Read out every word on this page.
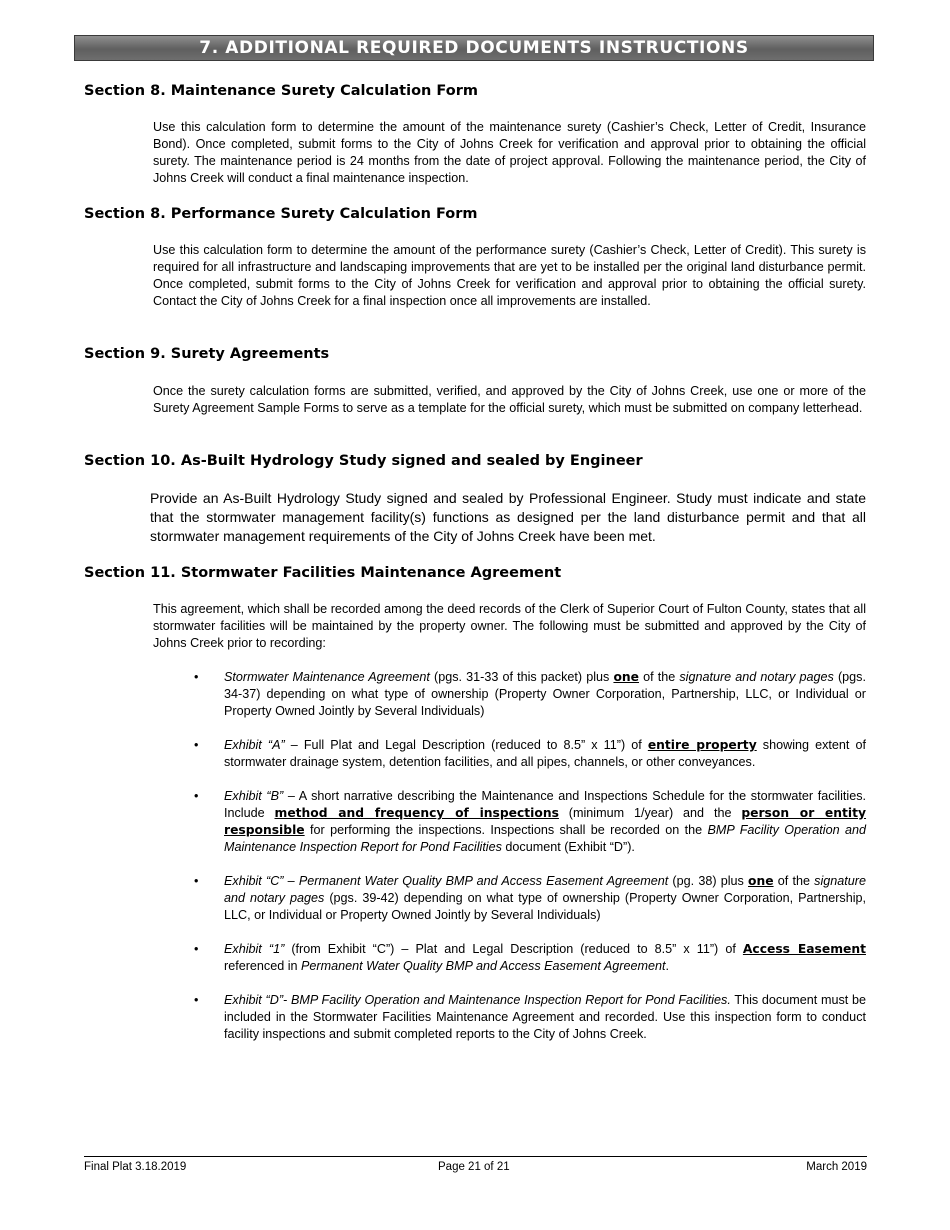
7. ADDITIONAL REQUIRED DOCUMENTS INSTRUCTIONS
Section 8. Maintenance Surety Calculation Form

Use this calculation form to determine the amount of the maintenance surety (Cashier’s Check, Letter of Credit, Insurance Bond). Once completed, submit forms to the City of Johns Creek for verification and approval prior to obtaining the official surety. The maintenance period is 24 months from the date of project approval. Following the maintenance period, the City of Johns Creek will conduct a final maintenance inspection.

Section 8. Performance Surety Calculation Form

Use this calculation form to determine the amount of the performance surety (Cashier’s Check, Letter of Credit). This surety is required for all infrastructure and landscaping improvements that are yet to be installed per the original land disturbance permit. Once completed, submit forms to the City of Johns Creek for verification and approval prior to obtaining the official surety. Contact the City of Johns Creek for a final inspection once all improvements are installed.

Section 9. Surety Agreements

Once the surety calculation forms are submitted, verified, and approved by the City of Johns Creek, use one or more of the Surety Agreement Sample Forms to serve as a template for the official surety, which must be submitted on company letterhead.

Section 10. As-Built Hydrology Study signed and sealed by Engineer

Provide an As-Built Hydrology Study signed and sealed by Professional Engineer. Study must indicate and state that the stormwater management facility(s) functions as designed per the land disturbance permit and that all stormwater management requirements of the City of Johns Creek have been met.

Section 11. Stormwater Facilities Maintenance Agreement

This agreement, which shall be recorded among the deed records of the Clerk of Superior Court of Fulton County, states that all stormwater facilities will be maintained by the property owner. The following must be submitted and approved by the City of Johns Creek prior to recording:

• Stormwater Maintenance Agreement (pgs. 31-33 of this packet) plus one of the signature and notary pages (pgs. 34-37) depending on what type of ownership (Property Owner Corporation, Partnership, LLC, or Individual or Property Owned Jointly by Several Individuals)
• Exhibit “A” – Full Plat and Legal Description (reduced to 8.5” x 11”) of entire property showing extent of stormwater drainage system, detention facilities, and all pipes, channels, or other conveyances.
• Exhibit “B” – A short narrative describing the Maintenance and Inspections Schedule for the stormwater facilities. Include method and frequency of inspections (minimum 1/year) and the person or entity responsible for performing the inspections. Inspections shall be recorded on the BMP Facility Operation and Maintenance Inspection Report for Pond Facilities document (Exhibit “D”).
• Exhibit “C” – Permanent Water Quality BMP and Access Easement Agreement (pg. 38) plus one of the signature and notary pages (pgs. 39-42) depending on what type of ownership (Property Owner Corporation, Partnership, LLC, or Individual or Property Owned Jointly by Several Individuals)
• Exhibit “1” (from Exhibit “C”) – Plat and Legal Description (reduced to 8.5” x 11”) of Access Easement referenced in Permanent Water Quality BMP and Access Easement Agreement.
• Exhibit “D”- BMP Facility Operation and Maintenance Inspection Report for Pond Facilities. This document must be included in the Stormwater Facilities Maintenance Agreement and recorded. Use this inspection form to conduct facility inspections and submit completed reports to the City of Johns Creek.
Final Plat 3.18.2019	Page 21 of 21	March 2019
